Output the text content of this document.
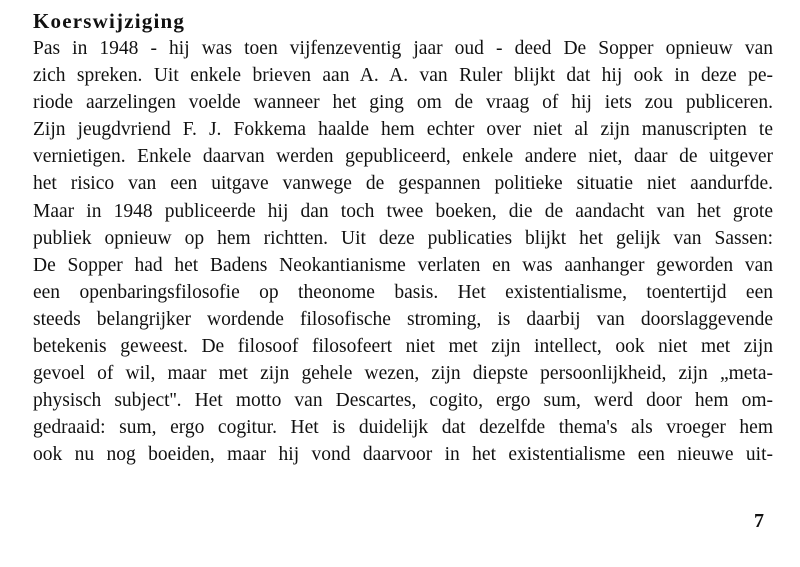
Koerswijziging
Pas in 1948 - hij was toen vijfenzeventig jaar oud - deed De Sopper opnieuw van
zich spreken. Uit enkele brieven aan A. A. van Ruler blijkt dat hij ook in deze pe-
riode aarzelingen voelde wanneer het ging om de vraag of hij iets zou publiceren.
Zijn jeugdvriend F. J. Fokkema haalde hem echter over niet al zijn manuscripten te
vernietigen. Enkele daarvan werden gepubliceerd, enkele andere niet, daar de uitgever
het risico van een uitgave vanwege de gespannen politieke situatie niet aandurfde.
Maar in 1948 publiceerde hij dan toch twee boeken, die de aandacht van het grote
publiek opnieuw op hem richtten. Uit deze publicaties blijkt het gelijk van Sassen:
De Sopper had het Badens Neokantianisme verlaten en was aanhanger geworden van
een openbaringsfilosofie op theonome basis. Het existentialisme, toentertijd een
steeds belangrijker wordende filosofische stroming, is daarbij van doorslaggevende
betekenis geweest. De filosoof filosofeert niet met zijn intellect, ook niet met zijn
gevoel of wil, maar met zijn gehele wezen, zijn diepste persoonlijkheid, zijn „meta-
physisch subject''. Het motto van Descartes, cogito, ergo sum, werd door hem om-
gedraaid: sum, ergo cogitur. Het is duidelijk dat dezelfde thema's als vroeger hem
ook nu nog boeiden, maar hij vond daarvoor in het existentialisme een nieuwe uit-
7
